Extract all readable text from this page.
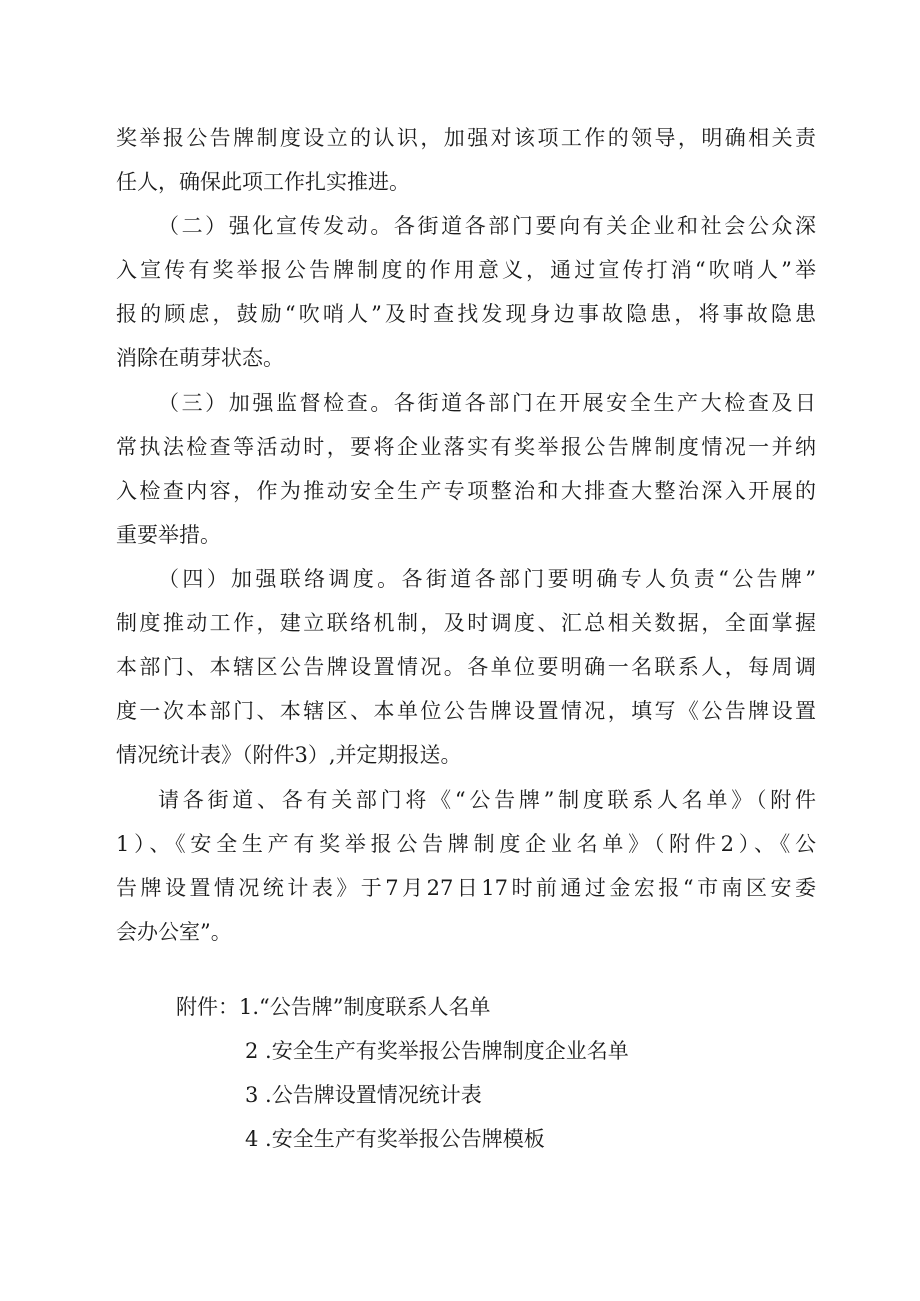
奖举报公告牌制度设立的认识，加强对该项工作的领导，明确相关责
任人，确保此项工作扎实推进。
（二）强化宣传发动。各街道各部门要向有关企业和社会公众深
入宣传有奖举报公告牌制度的作用意义，通过宣传打消“吹哨人”举
报的顾虑，鼓励“吹哨人”及时查找发现身边事故隐患，将事故隐患
消除在萌芽状态。
（三）加强监督检查。各街道各部门在开展安全生产大检查及日
常执法检查等活动时，要将企业落实有奖举报公告牌制度情况一并纳
入检查内容，作为推动安全生产专项整治和大排查大整治深入开展的
重要举措。
（四）加强联络调度。各街道各部门要明确专人负责“公告牌”
制度推动工作，建立联络机制，及时调度、汇总相关数据，全面掌握
本部门、本辖区公告牌设置情况。各单位要明确一名联系人，每周调
度一次本部门、本辖区、本单位公告牌设置情况，填写《公告牌设置
情况统计表》（附件3）,并定期报送。
请各街道、各有关部门将《“公告牌”制度联系人名单》（附件
1）、《安全生产有奖举报公告牌制度企业名单》（附件2）、《公
告牌设置情况统计表》于7月27日17时前通过金宏报“市南区安委
会办公室”。
附件：1.“公告牌”制度联系人名单
2 .安全生产有奖举报公告牌制度企业名单
3 .公告牌设置情况统计表
4 .安全生产有奖举报公告牌模板
